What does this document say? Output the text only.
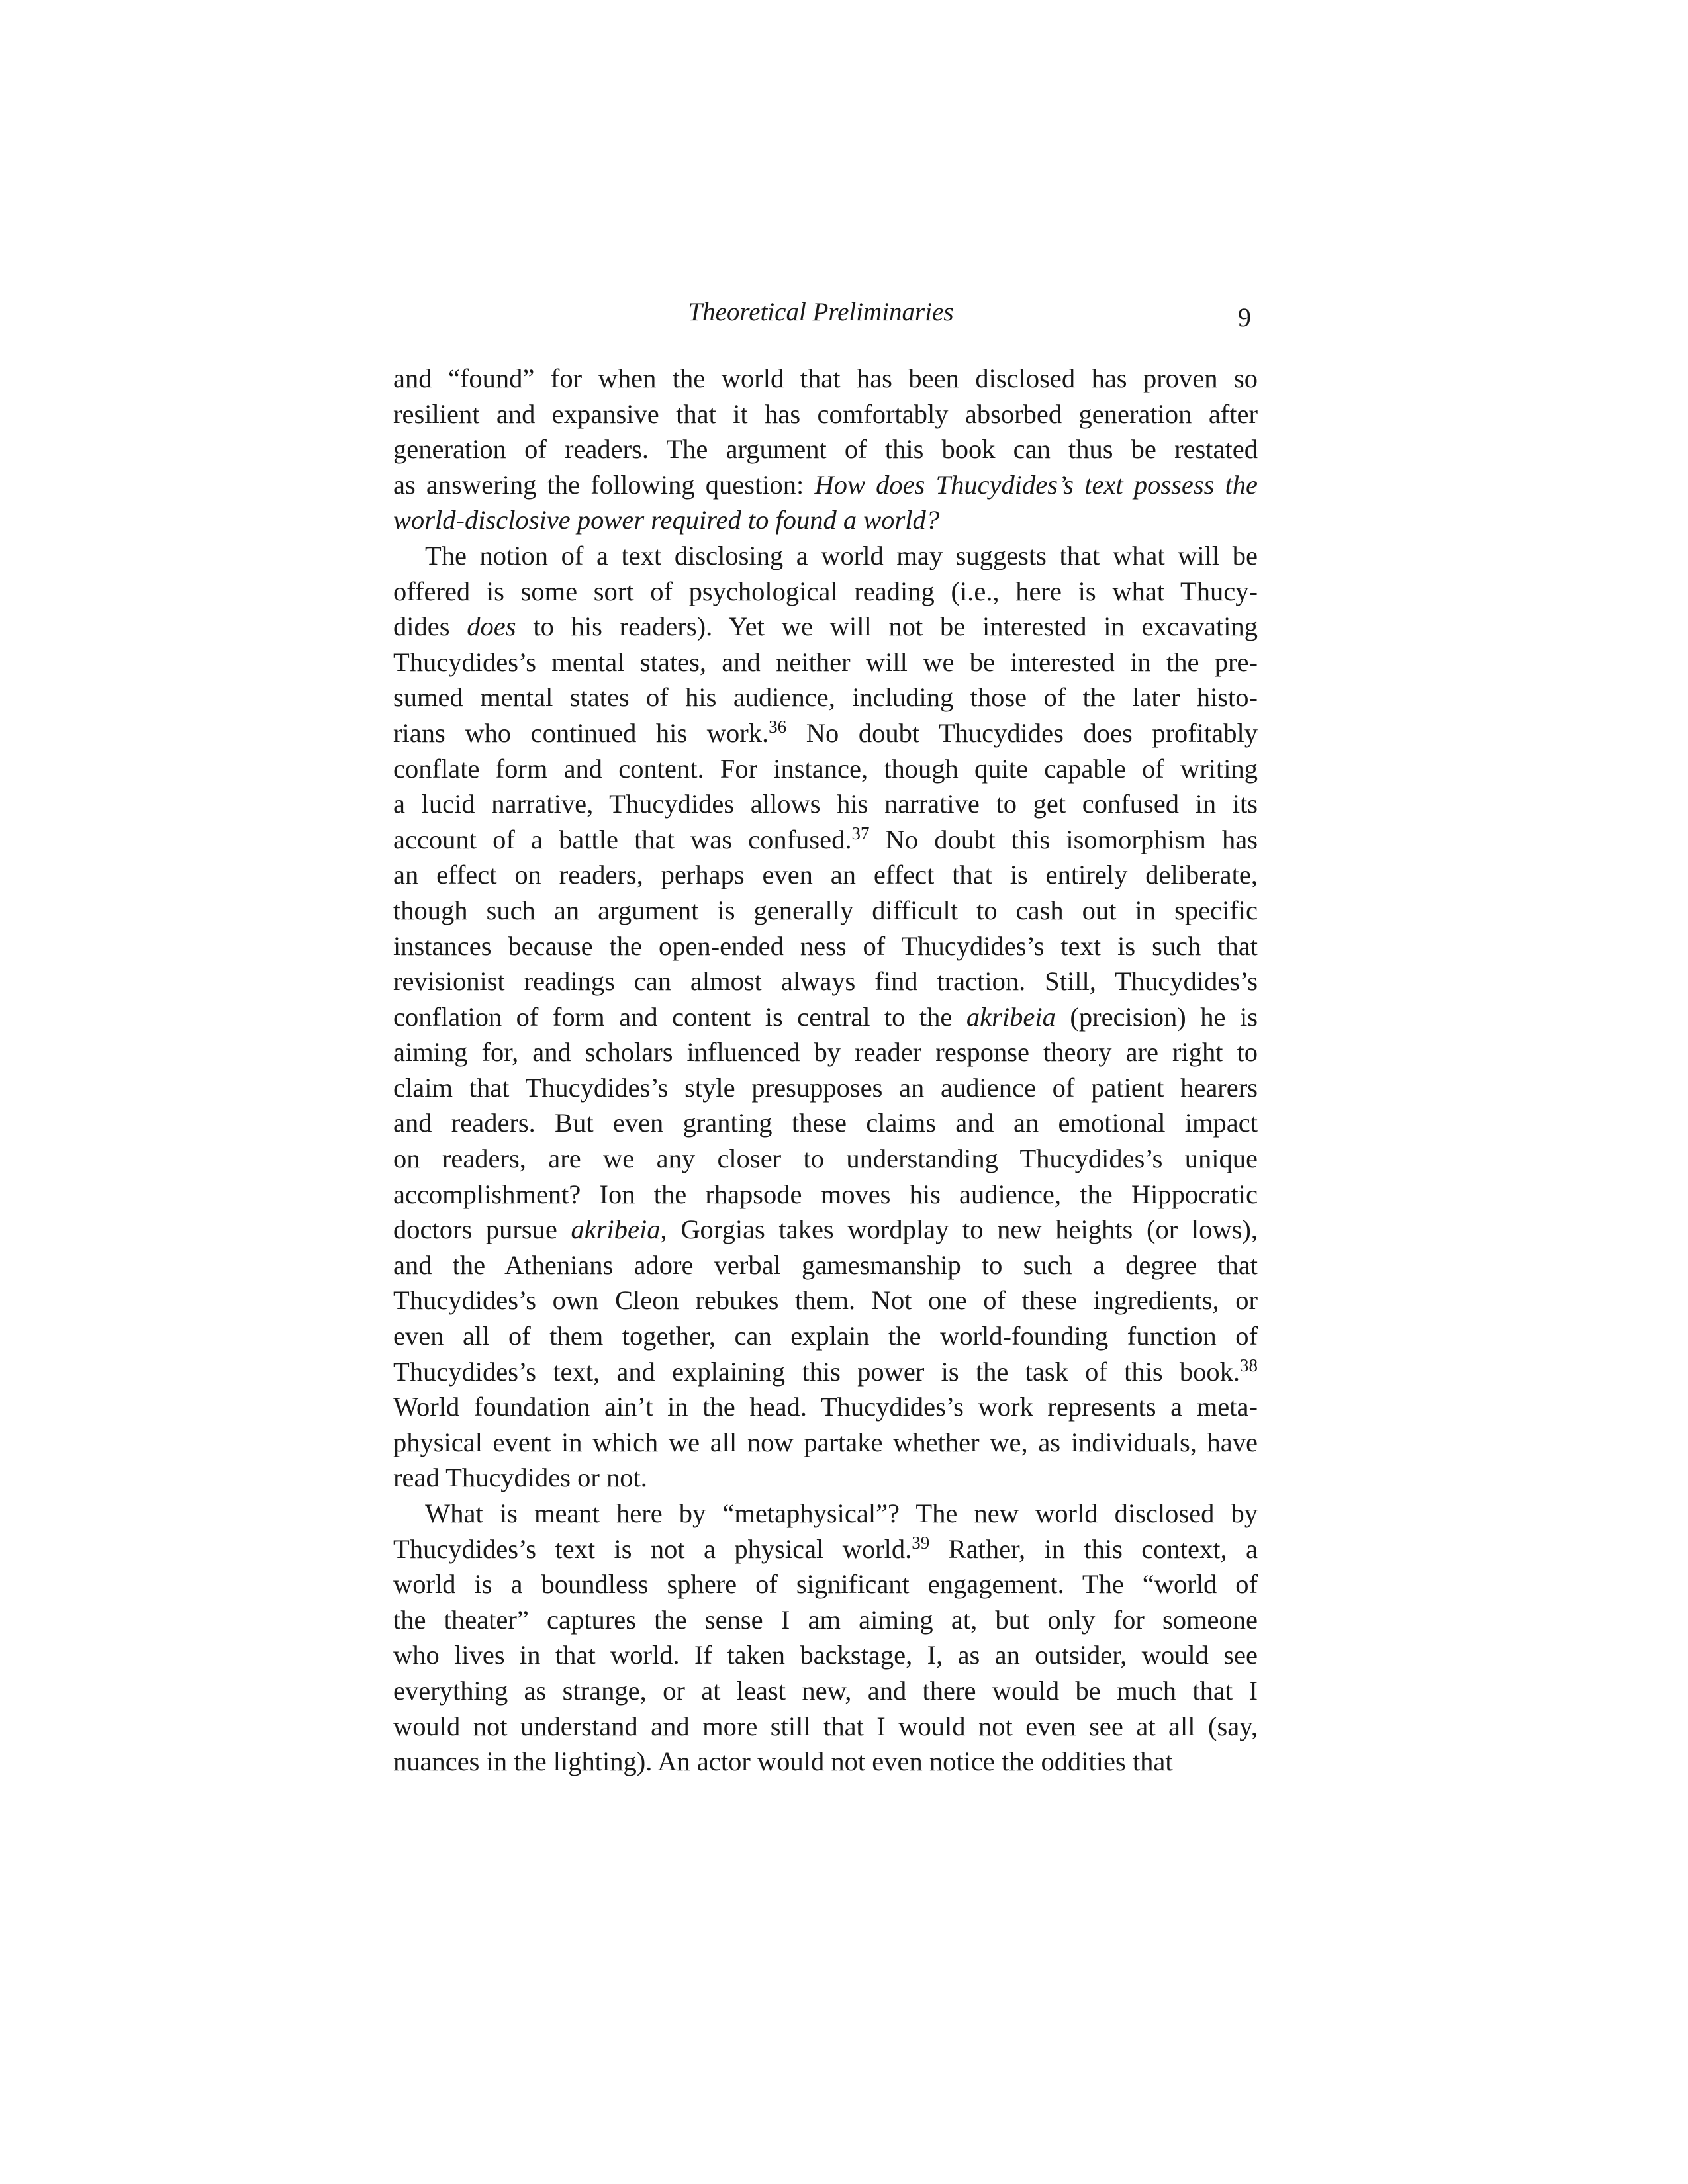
Theoretical Preliminaries	9
and “found” for when the world that has been disclosed has proven so
resilient and expansive that it has comfortably absorbed generation after
generation of readers. The argument of this book can thus be restated
as answering the following question: How does Thucydides’s text possess the
world-disclosive power required to found a world?
The notion of a text disclosing a world may suggests that what will be
offered is some sort of psychological reading (i.e., here is what Thucy-
dides does to his readers). Yet we will not be interested in excavating
Thucydides’s mental states, and neither will we be interested in the pre-
sumed mental states of his audience, including those of the later histo-
rians who continued his work.$^{36}$ No doubt Thucydides does profitably
conflate form and content. For instance, though quite capable of writing
a lucid narrative, Thucydides allows his narrative to get confused in its
account of a battle that was confused.$^{37}$ No doubt this isomorphism has
an effect on readers, perhaps even an effect that is entirely deliberate,
though such an argument is generally difficult to cash out in specific
instances because the open-ended ness of Thucydides’s text is such that
revisionist readings can almost always find traction. Still, Thucydides’s
conflation of form and content is central to the akribeia (precision) he is
aiming for, and scholars influenced by reader response theory are right to
claim that Thucydides’s style presupposes an audience of patient hearers
and readers. But even granting these claims and an emotional impact
on readers, are we any closer to understanding Thucydides’s unique
accomplishment? Ion the rhapsode moves his audience, the Hippocratic
doctors pursue akribeia, Gorgias takes wordplay to new heights (or lows),
and the Athenians adore verbal gamesmanship to such a degree that
Thucydides’s own Cleon rebukes them. Not one of these ingredients, or
even all of them together, can explain the world-founding function of
Thucydides’s text, and explaining this power is the task of this book.$^{38}$
World foundation ain’t in the head. Thucydides’s work represents a meta-
physical event in which we all now partake whether we, as individuals, have
read Thucydides or not.
What is meant here by “metaphysical”? The new world disclosed by
Thucydides’s text is not a physical world.$^{39}$ Rather, in this context, a
world is a boundless sphere of significant engagement. The “world of
the theater” captures the sense I am aiming at, but only for someone
who lives in that world. If taken backstage, I, as an outsider, would see
everything as strange, or at least new, and there would be much that I
would not understand and more still that I would not even see at all (say,
nuances in the lighting). An actor would not even notice the oddities that
